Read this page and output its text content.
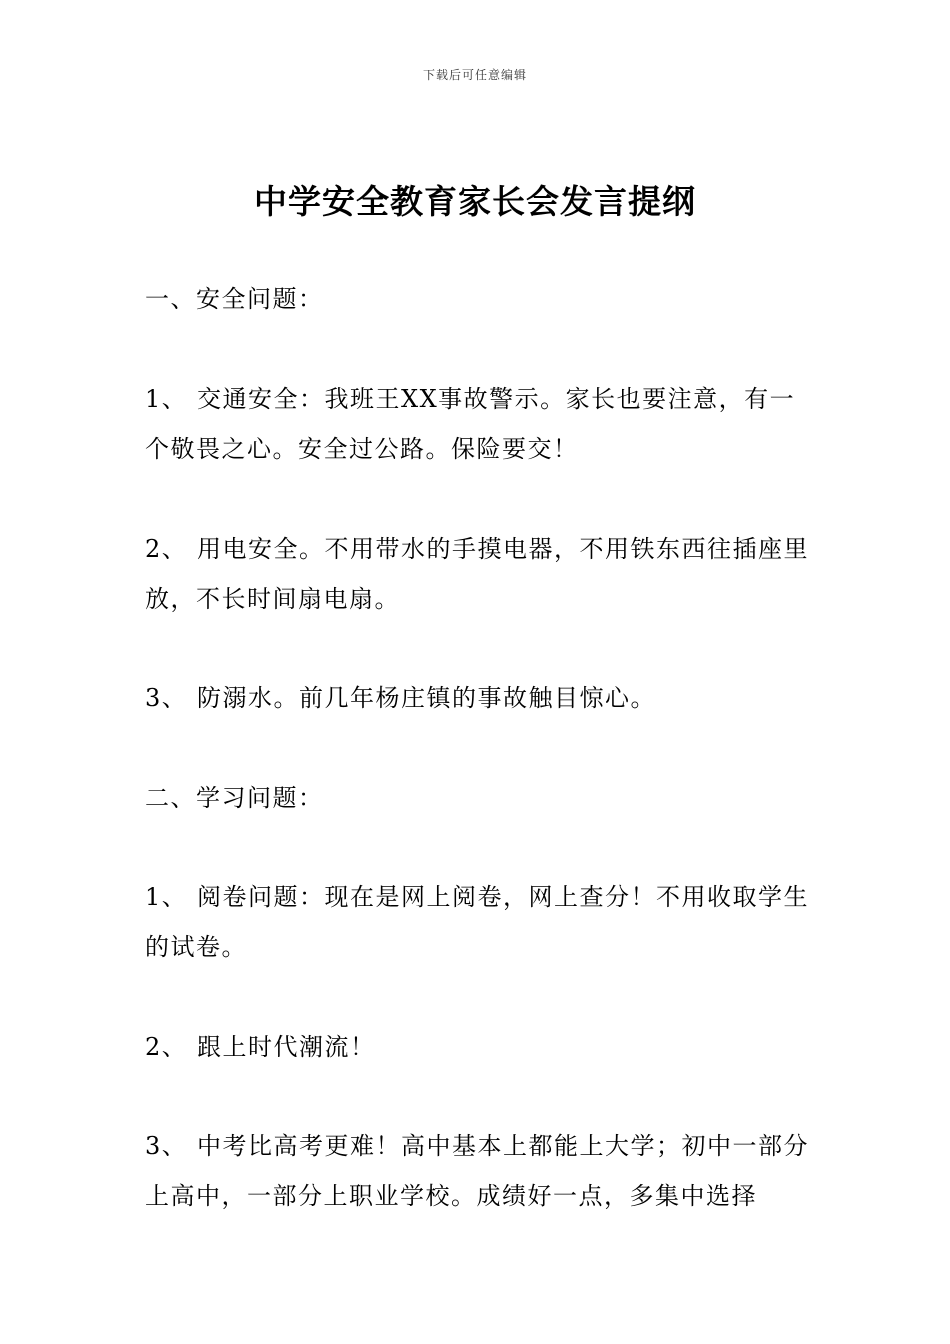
下载后可任意编辑
中学安全教育家长会发言提纲
一、安全问题：
1、 交通安全：我班王XX事故警示。家长也要注意，有一个敬畏之心。安全过公路。保险要交！
2、 用电安全。不用带水的手摸电器，不用铁东西往插座里放，不长时间扇电扇。
3、 防溺水。前几年杨庄镇的事故触目惊心。
二、学习问题：
1、 阅卷问题：现在是网上阅卷，网上查分！不用收取学生的试卷。
2、 跟上时代潮流！
3、 中考比高考更难！高中基本上都能上大学；初中一部分上高中，一部分上职业学校。成绩好一点，多集中选择
